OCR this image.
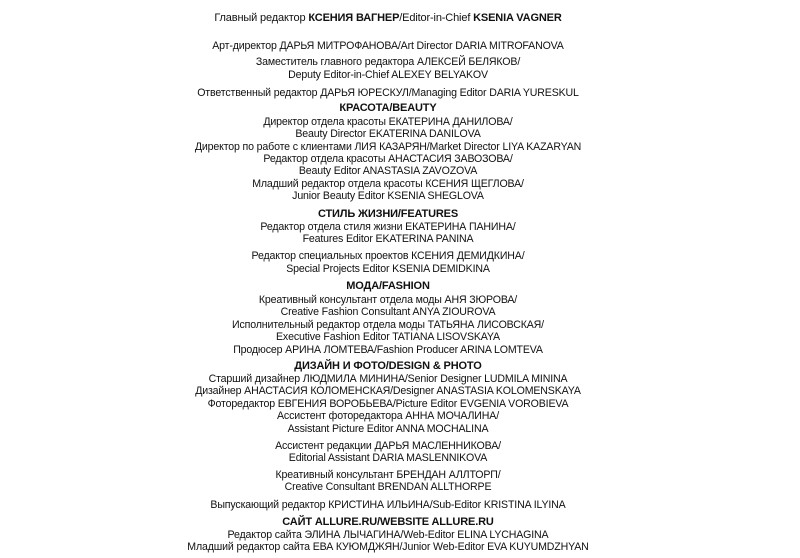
Главный редактор КСЕНИЯ ВАГНЕР/Editor-in-Chief KSENIA VAGNER
Арт-директор ДАРЬЯ МИТРОФАНОВА/Art Director DARIA MITROFANOVA
Заместитель главного редактора АЛЕКСЕЙ БЕЛЯКОВ/
Deputy Editor-in-Chief ALEXEY BELYAKOV
Ответственный редактор ДАРЬЯ ЮРЕСКУЛ/Managing Editor DARIA YURESKUL
КРАСОТА/BEAUTY
Директор отдела красоты ЕКАТЕРИНА ДАНИЛОВА/
Beauty Director EKATERINA DANILOVA
Директор по работе с клиентами ЛИЯ КАЗАРЯН/Market Director LIYA KAZARYAN
Редактор отдела красоты АНАСТАСИЯ ЗАВОЗОВА/
Beauty Editor ANASTASIA ZAVOZOVA
Младший редактор отдела красоты КСЕНИЯ ЩЕГЛОВА/
Junior Beauty Editor KSENIA SHEGLOVA
СТИЛЬ ЖИЗНИ/FEATURES
Редактор отдела стиля жизни ЕКАТЕРИНА ПАНИНА/
Features Editor EKATERINA PANINA
Редактор специальных проектов КСЕНИЯ ДЕМИДКИНА/
Special Projects Editor KSENIA DEMIDKINA
МОДА/FASHION
Креативный консультант отдела моды АНЯ ЗЮРОВА/
Creative Fashion Consultant ANYA ZIOUROVA
Исполнительный редактор отдела моды ТАТЬЯНА ЛИСОВСКАЯ/
Executive Fashion Editor TATIANA LISOVSKAYA
Продюсер АРИНА ЛОМТЕВА/Fashion Producer ARINA LOMTEVA
ДИЗАЙН И ФОТО/DESIGN & PHOTO
Старший дизайнер ЛЮДМИЛА МИНИНА/Senior Designer LUDMILA MININA
Дизайнер АНАСТАСИЯ КОЛОМЕНСКАЯ/Designer ANASTASIA KOLOMENSKAYA
Фоторедактор ЕВГЕНИЯ ВОРОБЬЕВА/Picture Editor EVGENIA VOROBIEVA
Ассистент фоторедактора АННА МОЧАЛИНА/
Assistant Picture Editor ANNA MOCHALINA
Ассистент редакции ДАРЬЯ МАСЛЕННИКОВА/
Editorial Assistant DARIA MASLENNIKOVA
Креативный консультант БРЕНДАН АЛЛТОРП/
Creative Consultant BRENDAN ALLTHORPE
Выпускающий редактор КРИСТИНА ИЛЬИНА/Sub-Editor KRISTINA ILYINA
САЙТ ALLURE.RU/WEBSITE ALLURE.RU
Редактор сайта ЭЛИНА ЛЫЧАГИНА/Web-Editor ELINA LYCHAGINA
Младший редактор сайта ЕВА КУЮМДЖЯН/Junior Web-Editor EVA KUYUMDZHYAN
